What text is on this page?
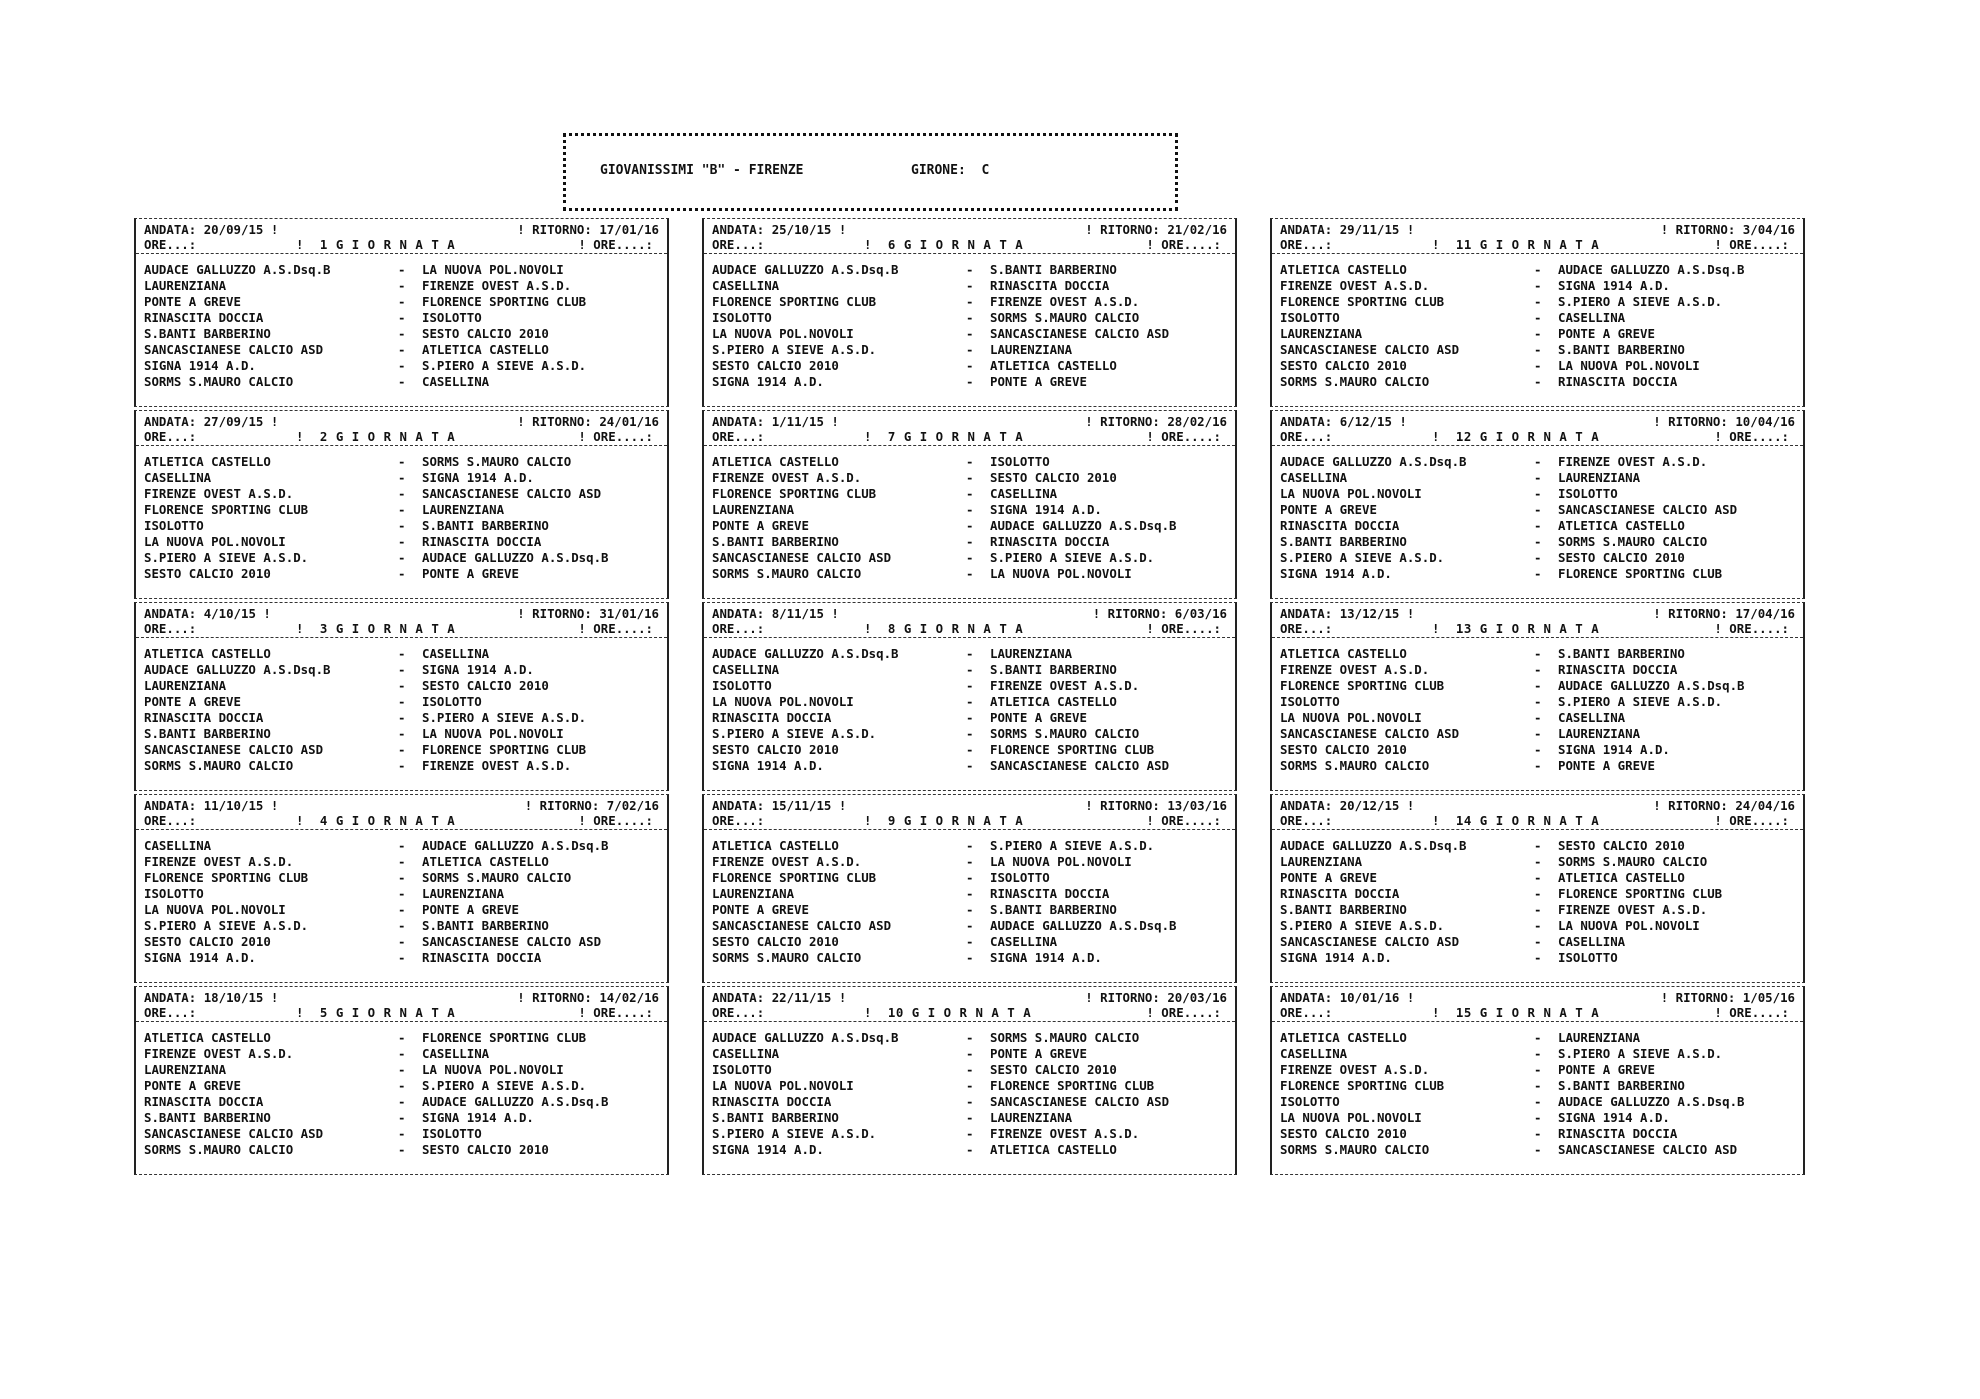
GIOVANISSIMI "B" - FIRENZE	GIRONE: C
ANDATA: 20/09/15 !	! RITORNO: 17/01/16
ORE...:	!  1 G I O R N A T A	! ORE....:
AUDACE GALLUZZO A.S.Dsq.B	- LA NUOVA POL.NOVOLI
LAURENZIANA	- FIRENZE OVEST A.S.D.
PONTE A GREVE	- FLORENCE SPORTING CLUB
RINASCITA DOCCIA	- ISOLOTTO
S.BANTI BARBERINO	- SESTO CALCIO 2010
SANCASCIANESE CALCIO ASD	- ATLETICA CASTELLO
SIGNA 1914 A.D.	- S.PIERO A SIEVE A.S.D.
SORMS S.MAURO CALCIO	- CASELLINA
ANDATA: 27/09/15 !	! RITORNO: 24/01/16
ORE...:	!  2 G I O R N A T A	! ORE....:
ATLETICA CASTELLO	- SORMS S.MAURO CALCIO
CASELLINA	- SIGNA 1914 A.D.
FIRENZE OVEST A.S.D.	- SANCASCIANESE CALCIO ASD
FLORENCE SPORTING CLUB	- LAURENZIANA
ISOLOTTO	- S.BANTI BARBERINO
LA NUOVA POL.NOVOLI	- RINASCITA DOCCIA
S.PIERO A SIEVE A.S.D.	- AUDACE GALLUZZO A.S.Dsq.B
SESTO CALCIO 2010	- PONTE A GREVE
ANDATA: 4/10/15 !	! RITORNO: 31/01/16
ORE...:	!  3 G I O R N A T A	! ORE....:
ATLETICA CASTELLO	- CASELLINA
AUDACE GALLUZZO A.S.Dsq.B	- SIGNA 1914 A.D.
LAURENZIANA	- SESTO CALCIO 2010
PONTE A GREVE	- ISOLOTTO
RINASCITA DOCCIA	- S.PIERO A SIEVE A.S.D.
S.BANTI BARBERINO	- LA NUOVA POL.NOVOLI
SANCASCIANESE CALCIO ASD	- FLORENCE SPORTING CLUB
SORMS S.MAURO CALCIO	- FIRENZE OVEST A.S.D.
ANDATA: 11/10/15 !	! RITORNO: 7/02/16
ORE...:	!  4 G I O R N A T A	! ORE....:
CASELLINA	- AUDACE GALLUZZO A.S.Dsq.B
FIRENZE OVEST A.S.D.	- ATLETICA CASTELLO
FLORENCE SPORTING CLUB	- SORMS S.MAURO CALCIO
ISOLOTTO	- LAURENZIANA
LA NUOVA POL.NOVOLI	- PONTE A GREVE
S.PIERO A SIEVE A.S.D.	- S.BANTI BARBERINO
SESTO CALCIO 2010	- SANCASCIANESE CALCIO ASD
SIGNA 1914 A.D.	- RINASCITA DOCCIA
ANDATA: 18/10/15 !	! RITORNO: 14/02/16
ORE...:	!  5 G I O R N A T A	! ORE....:
ATLETICA CASTELLO	- FLORENCE SPORTING CLUB
FIRENZE OVEST A.S.D.	- CASELLINA
LAURENZIANA	- LA NUOVA POL.NOVOLI
PONTE A GREVE	- S.PIERO A SIEVE A.S.D.
RINASCITA DOCCIA	- AUDACE GALLUZZO A.S.Dsq.B
S.BANTI BARBERINO	- SIGNA 1914 A.D.
SANCASCIANESE CALCIO ASD	- ISOLOTTO
SORMS S.MAURO CALCIO	- SESTO CALCIO 2010
ANDATA: 25/10/15 !	! RITORNO: 21/02/16
ORE...:	!  6 G I O R N A T A	! ORE....:
AUDACE GALLUZZO A.S.Dsq.B	- S.BANTI BARBERINO
CASELLINA	- RINASCITA DOCCIA
FLORENCE SPORTING CLUB	- FIRENZE OVEST A.S.D.
ISOLOTTO	- SORMS S.MAURO CALCIO
LA NUOVA POL.NOVOLI	- SANCASCIANESE CALCIO ASD
S.PIERO A SIEVE A.S.D.	- LAURENZIANA
SESTO CALCIO 2010	- ATLETICA CASTELLO
SIGNA 1914 A.D.	- PONTE A GREVE
ANDATA: 1/11/15 !	! RITORNO: 28/02/16
ORE...:	!  7 G I O R N A T A	! ORE....:
ATLETICA CASTELLO	- ISOLOTTO
FIRENZE OVEST A.S.D.	- SESTO CALCIO 2010
FLORENCE SPORTING CLUB	- CASELLINA
LAURENZIANA	- SIGNA 1914 A.D.
PONTE A GREVE	- AUDACE GALLUZZO A.S.Dsq.B
S.BANTI BARBERINO	- RINASCITA DOCCIA
SANCASCIANESE CALCIO ASD	- S.PIERO A SIEVE A.S.D.
SORMS S.MAURO CALCIO	- LA NUOVA POL.NOVOLI
ANDATA: 8/11/15 !	! RITORNO: 6/03/16
ORE...:	!  8 G I O R N A T A	! ORE....:
AUDACE GALLUZZO A.S.Dsq.B	- LAURENZIANA
CASELLINA	- S.BANTI BARBERINO
ISOLOTTO	- FIRENZE OVEST A.S.D.
LA NUOVA POL.NOVOLI	- ATLETICA CASTELLO
RINASCITA DOCCIA	- PONTE A GREVE
S.PIERO A SIEVE A.S.D.	- SORMS S.MAURO CALCIO
SESTO CALCIO 2010	- FLORENCE SPORTING CLUB
SIGNA 1914 A.D.	- SANCASCIANESE CALCIO ASD
ANDATA: 15/11/15 !	! RITORNO: 13/03/16
ORE...:	!  9 G I O R N A T A	! ORE....:
ATLETICA CASTELLO	- S.PIERO A SIEVE A.S.D.
FIRENZE OVEST A.S.D.	- LA NUOVA POL.NOVOLI
FLORENCE SPORTING CLUB	- ISOLOTTO
LAURENZIANA	- RINASCITA DOCCIA
PONTE A GREVE	- S.BANTI BARBERINO
SANCASCIANESE CALCIO ASD	- AUDACE GALLUZZO A.S.Dsq.B
SESTO CALCIO 2010	- CASELLINA
SORMS S.MAURO CALCIO	- SIGNA 1914 A.D.
ANDATA: 22/11/15 !	! RITORNO: 20/03/16
ORE...:	!  10 G I O R N A T A	! ORE....:
AUDACE GALLUZZO A.S.Dsq.B	- SORMS S.MAURO CALCIO
CASELLINA	- PONTE A GREVE
ISOLOTTO	- SESTO CALCIO 2010
LA NUOVA POL.NOVOLI	- FLORENCE SPORTING CLUB
RINASCITA DOCCIA	- SANCASCIANESE CALCIO ASD
S.BANTI BARBERINO	- LAURENZIANA
S.PIERO A SIEVE A.S.D.	- FIRENZE OVEST A.S.D.
SIGNA 1914 A.D.	- ATLETICA CASTELLO
ANDATA: 29/11/15 !	! RITORNO: 3/04/16
ORE...:	!  11 G I O R N A T A	! ORE....:
ATLETICA CASTELLO	- AUDACE GALLUZZO A.S.Dsq.B
FIRENZE OVEST A.S.D.	- SIGNA 1914 A.D.
FLORENCE SPORTING CLUB	- S.PIERO A SIEVE A.S.D.
ISOLOTTO	- CASELLINA
LAURENZIANA	- PONTE A GREVE
SANCASCIANESE CALCIO ASD	- S.BANTI BARBERINO
SESTO CALCIO 2010	- LA NUOVA POL.NOVOLI
SORMS S.MAURO CALCIO	- RINASCITA DOCCIA
ANDATA: 6/12/15 !	! RITORNO: 10/04/16
ORE...:	!  12 G I O R N A T A	! ORE....:
AUDACE GALLUZZO A.S.Dsq.B	- FIRENZE OVEST A.S.D.
CASELLINA	- LAURENZIANA
LA NUOVA POL.NOVOLI	- ISOLOTTO
PONTE A GREVE	- SANCASCIANESE CALCIO ASD
RINASCITA DOCCIA	- ATLETICA CASTELLO
S.BANTI BARBERINO	- SORMS S.MAURO CALCIO
S.PIERO A SIEVE A.S.D.	- SESTO CALCIO 2010
SIGNA 1914 A.D.	- FLORENCE SPORTING CLUB
ANDATA: 13/12/15 !	! RITORNO: 17/04/16
ORE...:	!  13 G I O R N A T A	! ORE....:
ATLETICA CASTELLO	- S.BANTI BARBERINO
FIRENZE OVEST A.S.D.	- RINASCITA DOCCIA
FLORENCE SPORTING CLUB	- AUDACE GALLUZZO A.S.Dsq.B
ISOLOTTO	- S.PIERO A SIEVE A.S.D.
LA NUOVA POL.NOVOLI	- CASELLINA
SANCASCIANESE CALCIO ASD	- LAURENZIANA
SESTO CALCIO 2010	- SIGNA 1914 A.D.
SORMS S.MAURO CALCIO	- PONTE A GREVE
ANDATA: 20/12/15 !	! RITORNO: 24/04/16
ORE...:	!  14 G I O R N A T A	! ORE....:
AUDACE GALLUZZO A.S.Dsq.B	- SESTO CALCIO 2010
LAURENZIANA	- SORMS S.MAURO CALCIO
PONTE A GREVE	- ATLETICA CASTELLO
RINASCITA DOCCIA	- FLORENCE SPORTING CLUB
S.BANTI BARBERINO	- FIRENZE OVEST A.S.D.
S.PIERO A SIEVE A.S.D.	- LA NUOVA POL.NOVOLI
SANCASCIANESE CALCIO ASD	- CASELLINA
SIGNA 1914 A.D.	- ISOLOTTO
ANDATA: 10/01/16 !	! RITORNO: 1/05/16
ORE...:	!  15 G I O R N A T A	! ORE....:
ATLETICA CASTELLO	- LAURENZIANA
CASELLINA	- S.PIERO A SIEVE A.S.D.
FIRENZE OVEST A.S.D.	- PONTE A GREVE
FLORENCE SPORTING CLUB	- S.BANTI BARBERINO
ISOLOTTO	- AUDACE GALLUZZO A.S.Dsq.B
LA NUOVA POL.NOVOLI	- SIGNA 1914 A.D.
SESTO CALCIO 2010	- RINASCITA DOCCIA
SORMS S.MAURO CALCIO	- SANCASCIANESE CALCIO ASD
